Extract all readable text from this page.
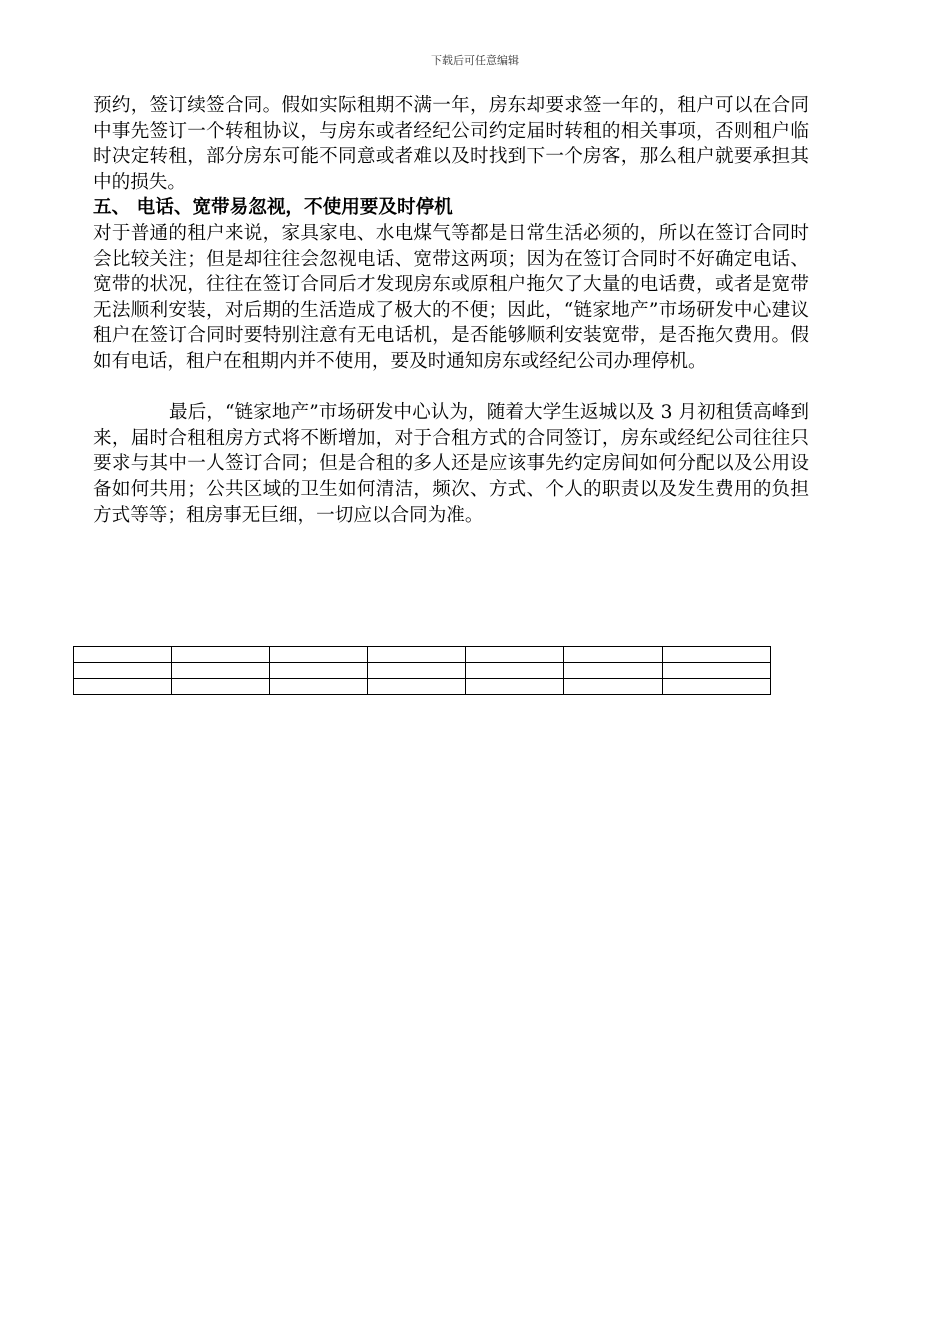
下载后可任意编辑

预约，签订续签合同。假如实际租期不满一年，房东却要求签一年的，租户可以在合同中事先签订一个转租协议，与房东或者经纪公司约定届时转租的相关事项，否则租户临时决定转租，部分房东可能不同意或者难以及时找到下一个房客，那么租户就要承担其中的损失。

五、 电话、宽带易忽视，不使用要及时停机

对于普通的租户来说，家具家电、水电煤气等都是日常生活必须的，所以在签订合同时会比较关注；但是却往往会忽视电话、宽带这两项；因为在签订合同时不好确定电话、宽带的状况，往往在签订合同后才发现房东或原租户拖欠了大量的电话费，或者是宽带无法顺利安装，对后期的生活造成了极大的不便；因此，“链家地产”市场研发中心建议租户在签订合同时要特别注意有无电话机，是否能够顺利安装宽带，是否拖欠费用。假如有电话，租户在租期内并不使用，要及时通知房东或经纪公司办理停机。

最后，“链家地产”市场研发中心认为，随着大学生返城以及 3 月初租赁高峰到来，届时合租租房方式将不断增加，对于合租方式的合同签订，房东或经纪公司往往只要求与其中一人签订合同；但是合租的多人还是应该事先约定房间如何分配以及公用设备如何共用；公共区域的卫生如何清洁，频次、方式、个人的职责以及发生费用的负担方式等等；租房事无巨细，一切应以合同为准。
